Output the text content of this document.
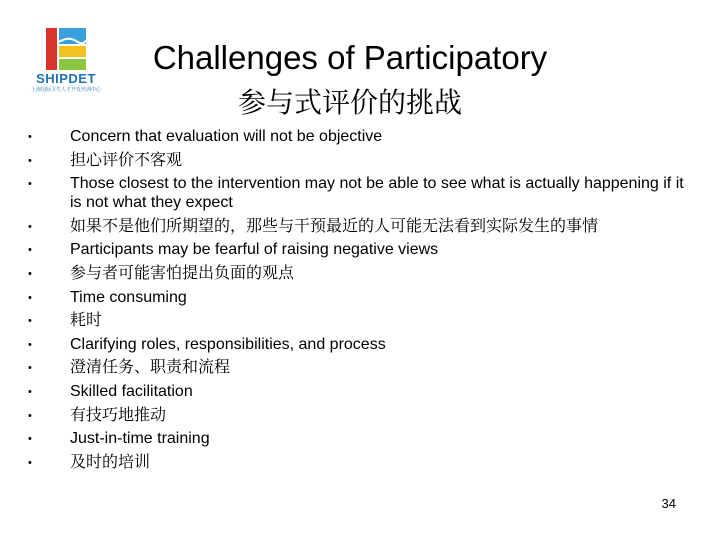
SHIPDET
上海国际卫生人才开发培训中心
Challenges of Participatory
参与式评价的挑战
• Concern that evaluation will not be objective
• 担心评价不客观
• Those closest to the intervention may not be able to see what is actually happening if it is not what they expect
• 如果不是他们所期望的，那些与干预最近的人可能无法看到实际发生的事情
• Participants may be fearful of raising negative views
• 参与者可能害怕提出负面的观点
• Time consuming
• 耗时
• Clarifying roles, responsibilities, and process
• 澄清任务、职责和流程
• Skilled facilitation
• 有技巧地推动
• Just-in-time training
• 及时的培训
34
